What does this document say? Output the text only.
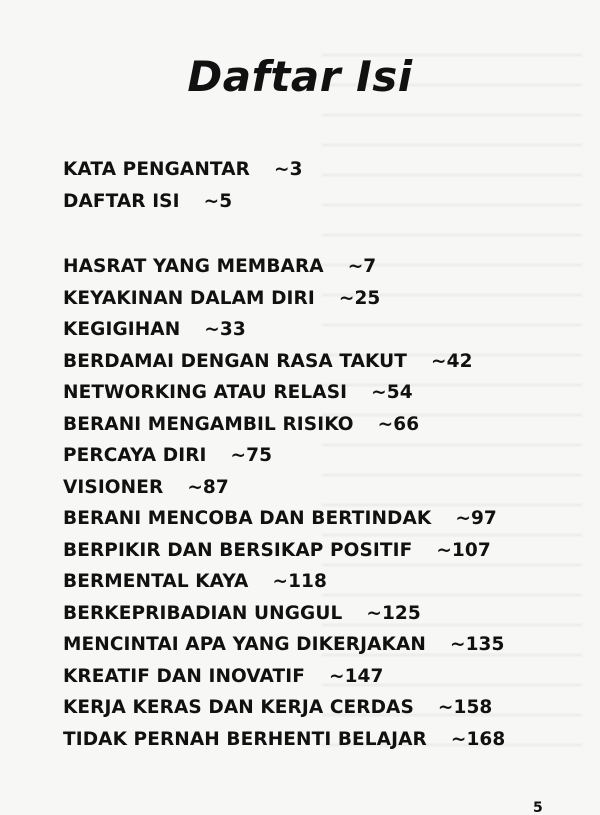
Daftar Isi
KATA PENGANTAR ~3
DAFTAR ISI ~5
HASRAT YANG MEMBARA ~7
KEYAKINAN DALAM DIRI ~25
KEGIGIHAN ~33
BERDAMAI DENGAN RASA TAKUT ~42
NETWORKING ATAU RELASI ~54
BERANI MENGAMBIL RISIKO ~66
PERCAYA DIRI ~75
VISIONER ~87
BERANI MENCOBA DAN BERTINDAK ~97
BERPIKIR DAN BERSIKAP POSITIF ~107
BERMENTAL KAYA ~118
BERKEPRIBADIAN UNGGUL ~125
MENCINTAI APA YANG DIKERJAKAN ~135
KREATIF DAN INOVATIF ~147
KERJA KERAS DAN KERJA CERDAS ~158
TIDAK PERNAH BERHENTI BELAJAR ~168
5
